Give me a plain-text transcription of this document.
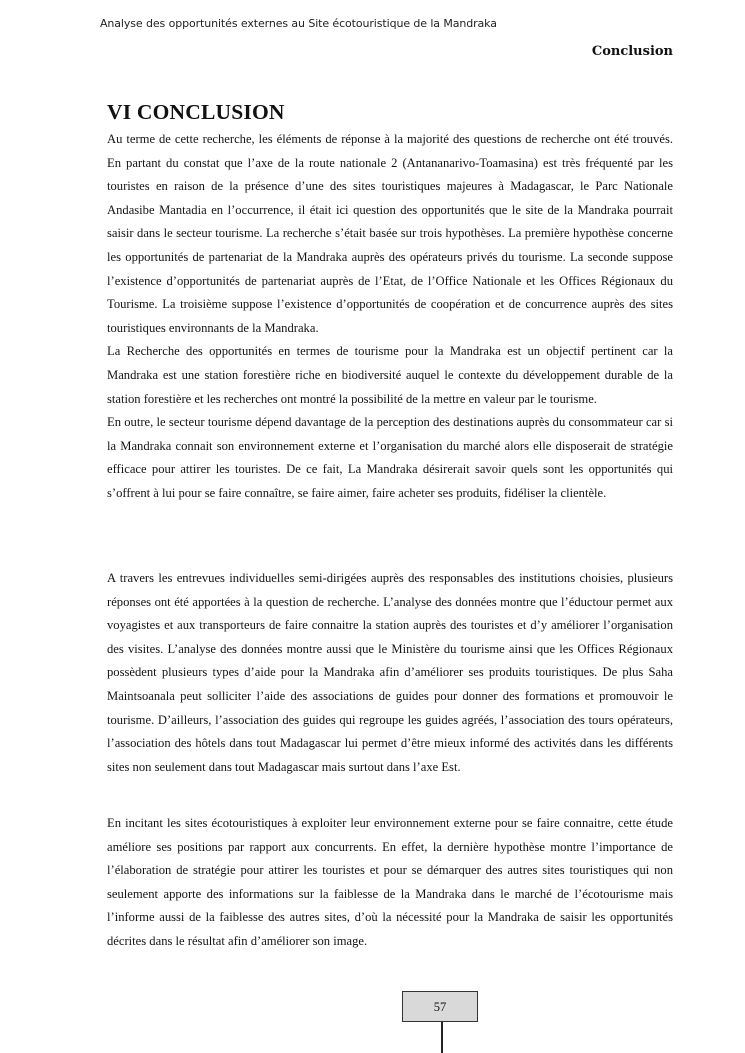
Analyse des opportunités externes au Site écotouristique de la Mandraka
Conclusion
VI CONCLUSION

Au terme de cette recherche, les éléments de réponse à la majorité des questions de recherche ont été trouvés. En partant du constat que l’axe de la route nationale 2 (Antananarivo-Toamasina) est très fréquenté par les touristes en raison de la présence d’une des sites touristiques majeures à Madagascar, le Parc Nationale Andasibe Mantadia en l’occurrence, il était ici question des opportunités que le site de la Mandraka pourrait saisir dans le secteur tourisme. La recherche s’était basée sur trois hypothèses. La première hypothèse concerne les opportunités de partenariat de la Mandraka auprès des opérateurs privés du tourisme. La seconde suppose l’existence d’opportunités de partenariat auprès de l’Etat, de l’Office Nationale et les Offices Régionaux du Tourisme. La troisième suppose l’existence d’opportunités de coopération et de concurrence auprès des sites touristiques environnants de la Mandraka.

La Recherche des opportunités en termes de tourisme pour la Mandraka est un objectif pertinent car la Mandraka est une station forestière riche en biodiversité auquel le contexte du développement durable de la station forestière et les recherches ont montré la possibilité de la mettre en valeur par le tourisme.

En outre, le secteur tourisme dépend davantage de la perception des destinations auprès du consommateur car si la Mandraka connait son environnement externe et l’organisation du marché alors elle disposerait de stratégie efficace pour attirer les touristes. De ce fait, La Mandraka désirerait savoir quels sont les opportunités qui s’offrent à lui pour se faire connaître, se faire aimer, faire acheter ses produits, fidéliser la clientèle.

A travers les entrevues individuelles semi-dirigées auprès des responsables des institutions choisies, plusieurs réponses ont été apportées à la question de recherche. L’analyse des données montre que l’éductour permet aux voyagistes et aux transporteurs de faire connaitre la station auprès des touristes et d’y améliorer l’organisation des visites. L’analyse des données montre aussi que le Ministère du tourisme ainsi que les Offices Régionaux possèdent plusieurs types d’aide pour la Mandraka afin d’améliorer ses produits touristiques. De plus Saha Maintsoanala peut solliciter l’aide des associations de guides pour donner des formations et promouvoir le tourisme. D’ailleurs, l’association des guides qui regroupe les guides agréés, l’association des tours opérateurs, l’association des hôtels dans tout Madagascar lui permet d’être mieux informé des activités dans les différents sites non seulement dans tout Madagascar mais surtout dans l’axe Est.

En incitant les sites écotouristiques à exploiter leur environnement externe pour se faire connaitre, cette étude améliore ses positions par rapport aux concurrents. En effet, la dernière hypothèse montre l’importance de l’élaboration de stratégie pour attirer les touristes et pour se démarquer des autres sites touristiques qui non seulement apporte des informations sur la faiblesse de la Mandraka dans le marché de l’écotourisme mais l’informe aussi de la faiblesse des autres sites, d’où la nécessité pour la Mandraka de saisir les opportunités décrites dans le résultat afin d’améliorer son image.

57
